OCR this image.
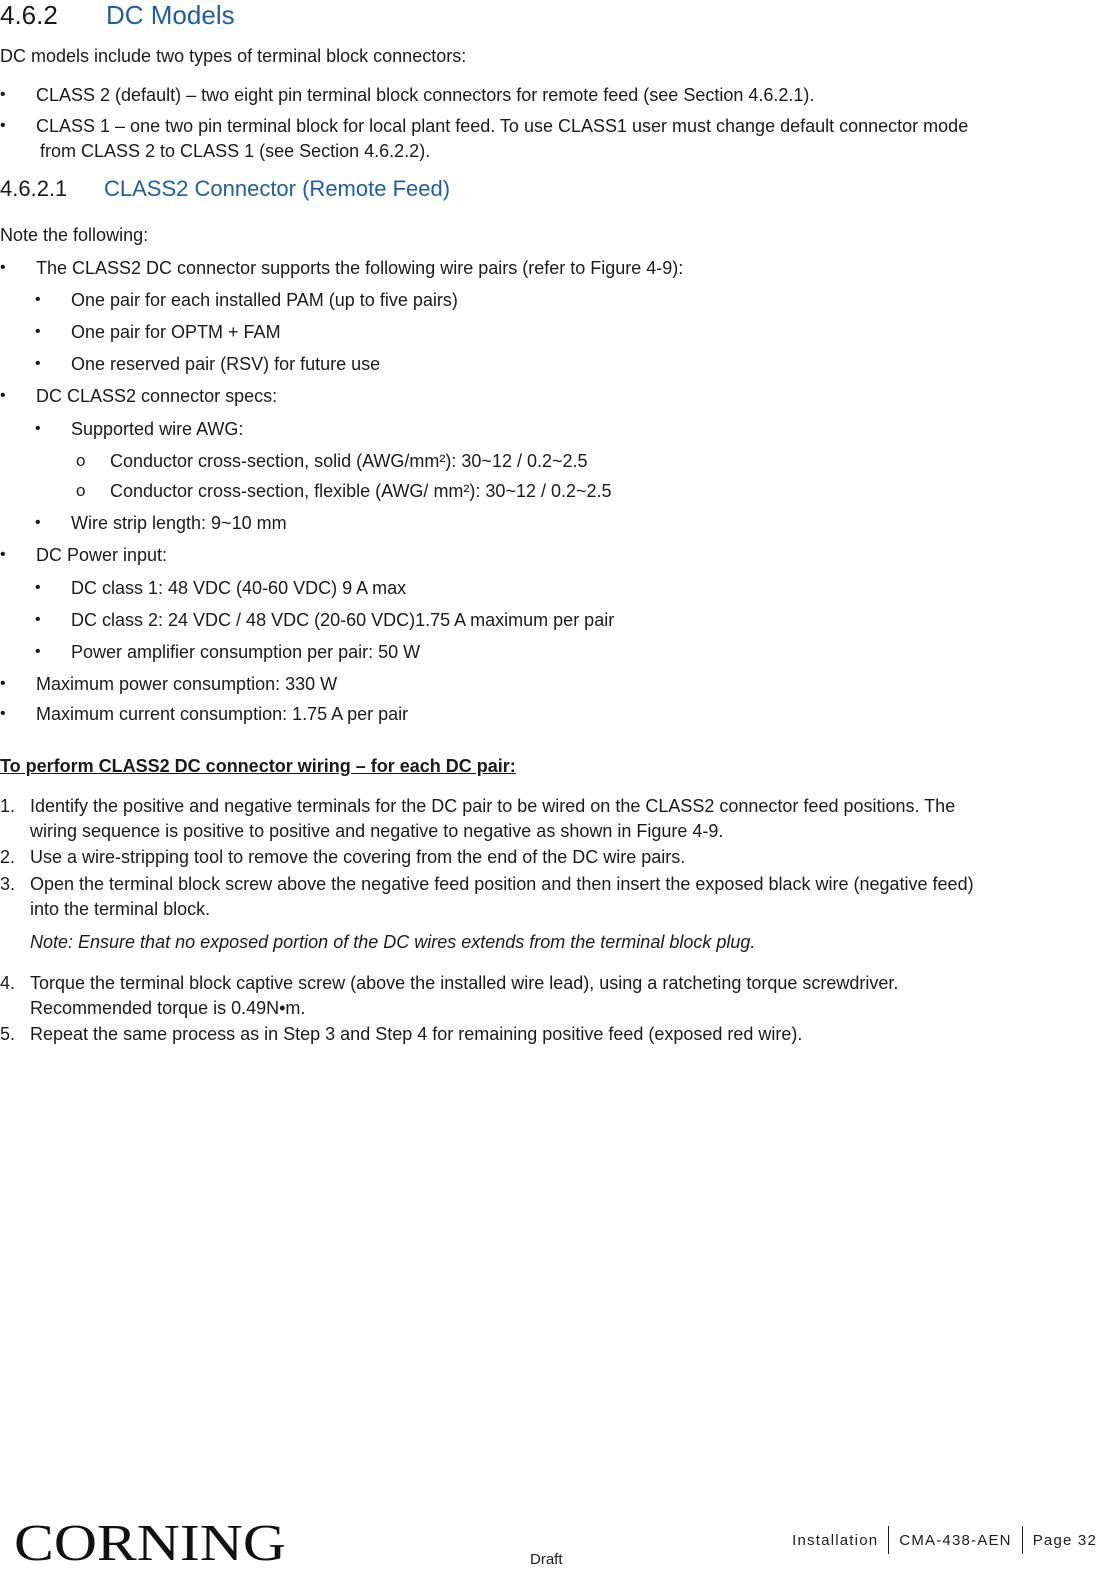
4.6.2 DC Models
DC models include two types of terminal block connectors:
• CLASS 2 (default) – two eight pin terminal block connectors for remote feed (see Section 4.6.2.1).
• CLASS 1 – one two pin terminal block for local plant feed. To use CLASS1 user must change default connector mode
from CLASS 2 to CLASS 1 (see Section 4.6.2.2).
4.6.2.1 CLASS2 Connector (Remote Feed)
Note the following:
• The CLASS2 DC connector supports the following wire pairs (refer to Figure 4-9):
• One pair for each installed PAM (up to five pairs)
• One pair for OPTM + FAM
• One reserved pair (RSV) for future use
• DC CLASS2 connector specs:
• Supported wire AWG:
o Conductor cross-section, solid (AWG/mm²): 30~12 / 0.2~2.5
o Conductor cross-section, flexible (AWG/ mm²): 30~12 / 0.2~2.5
• Wire strip length: 9~10 mm
• DC Power input:
• DC class 1: 48 VDC (40-60 VDC) 9 A max
• DC class 2: 24 VDC / 48 VDC (20-60 VDC)1.75 A maximum per pair
• Power amplifier consumption per pair: 50 W
• Maximum power consumption: 330 W
• Maximum current consumption: 1.75 A per pair
To perform CLASS2 DC connector wiring – for each DC pair:
1. Identify the positive and negative terminals for the DC pair to be wired on the CLASS2 connector feed positions. The
wiring sequence is positive to positive and negative to negative as shown in Figure 4-9.
2. Use a wire-stripping tool to remove the covering from the end of the DC wire pairs.
3. Open the terminal block screw above the negative feed position and then insert the exposed black wire (negative feed)
into the terminal block.
Note: Ensure that no exposed portion of the DC wires extends from the terminal block plug.
4. Torque the terminal block captive screw (above the installed wire lead), using a ratcheting torque screwdriver.
Recommended torque is 0.49N•m.
5. Repeat the same process as in Step 3 and Step 4 for remaining positive feed (exposed red wire).
CORNING	Installation	CMA-438-AEN	Page 32
Draft
